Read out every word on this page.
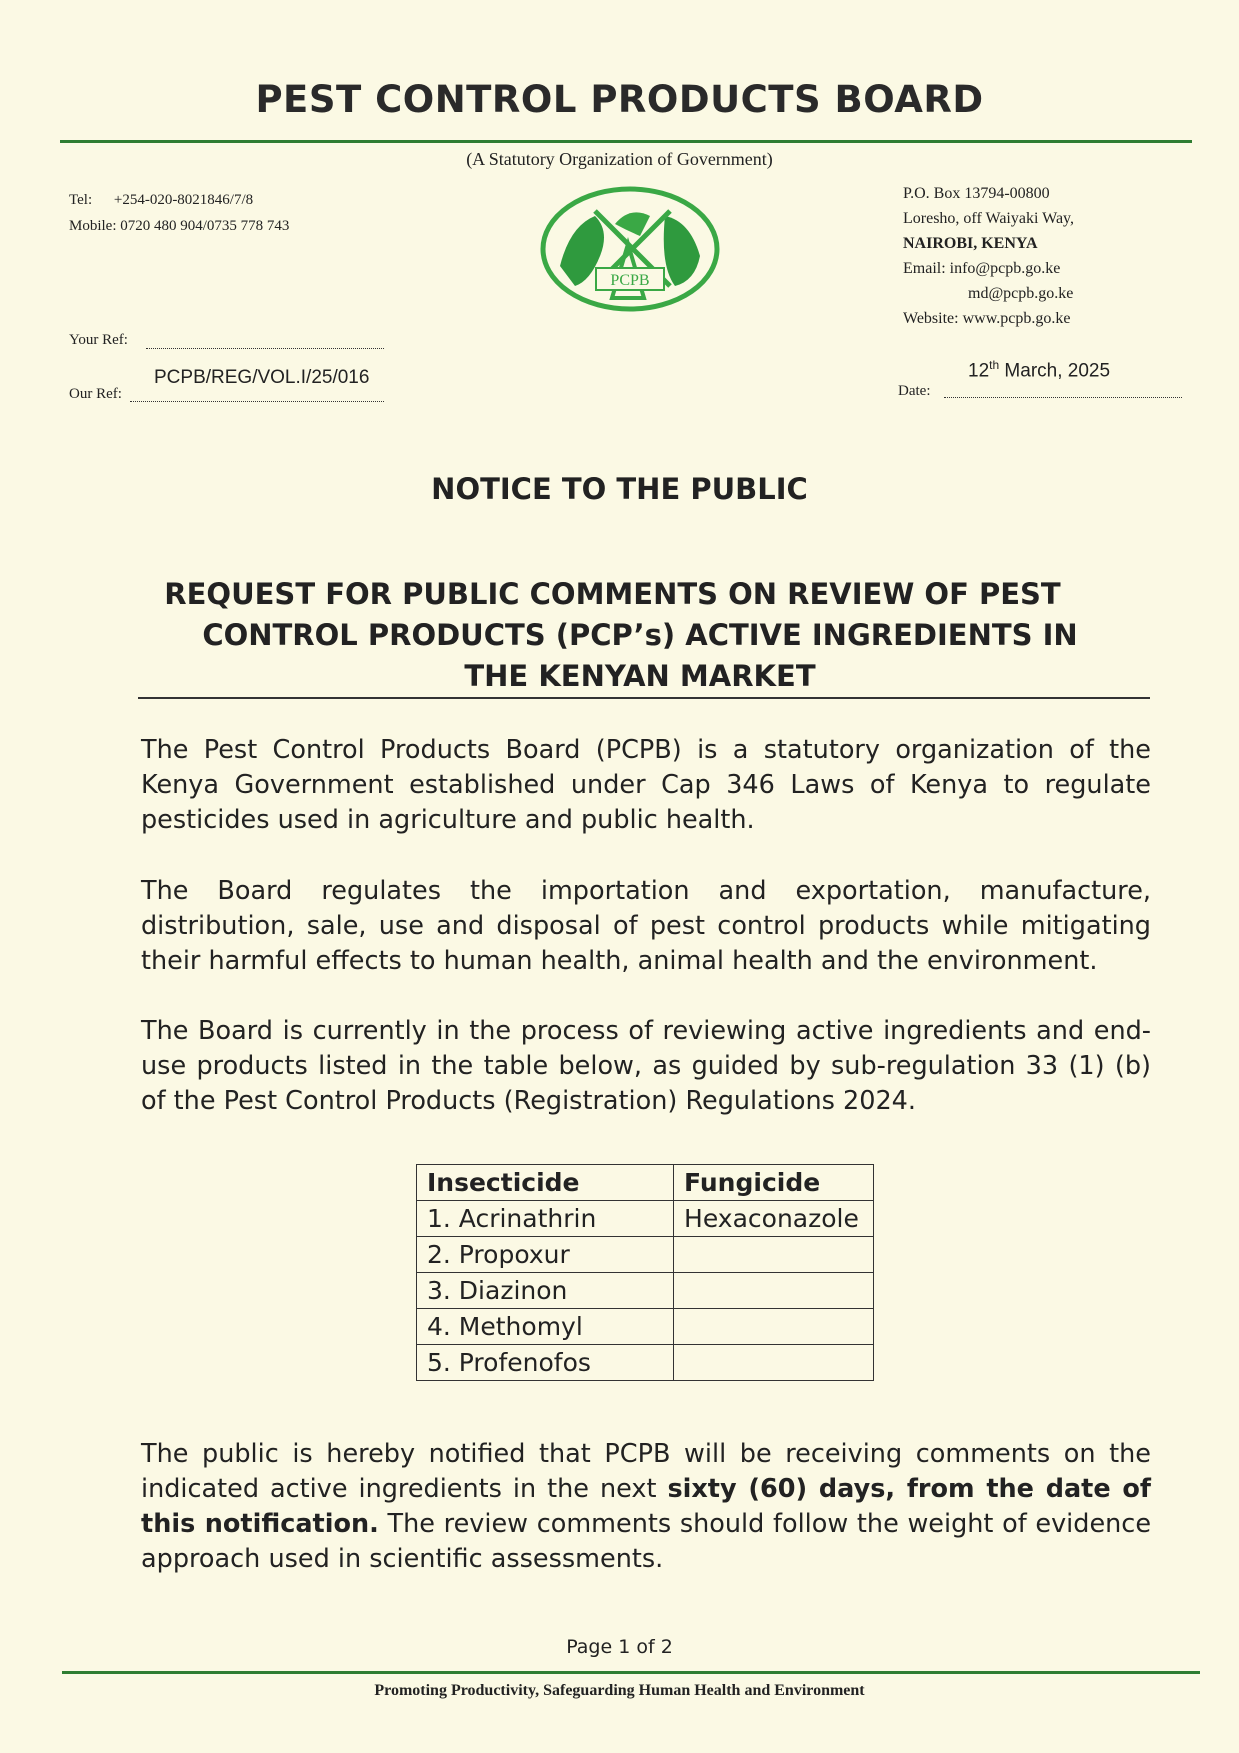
PEST CONTROL PRODUCTS BOARD
(A Statutory Organization of Government)
Tel: +254-020-8021846/7/8
Mobile: 0720 480 904/0735 778 743
PCPB
P.O. Box 13794-00800
Loresho, off Waiyaki Way,
NAIROBI, KENYA
Email: info@pcpb.go.ke
md@pcpb.go.ke
Website: www.pcpb.go.ke
Your Ref:
PCPB/REG/VOL.I/25/016
Our Ref:
12th March, 2025
Date:
NOTICE TO THE PUBLIC
REQUEST FOR PUBLIC COMMENTS ON REVIEW OF PEST
CONTROL PRODUCTS (PCP’s) ACTIVE INGREDIENTS IN
THE KENYAN MARKET
The Pest Control Products Board (PCPB) is a statutory organization of the Kenya Government established under Cap 346 Laws of Kenya to regulate pesticides used in agriculture and public health.
The Board regulates the importation and exportation, manufacture, distribution, sale, use and disposal of pest control products while mitigating their harmful effects to human health, animal health and the environment.
The Board is currently in the process of reviewing active ingredients and end-use products listed in the table below, as guided by sub-regulation 33 (1) (b) of the Pest Control Products (Registration) Regulations 2024.
Insecticide	Fungicide
1. Acrinathrin	Hexaconazole
2. Propoxur	
3. Diazinon	
4. Methomyl	
5. Profenofos	
The public is hereby notified that PCPB will be receiving comments on the indicated active ingredients in the next sixty (60) days, from the date of this notification. The review comments should follow the weight of evidence approach used in scientific assessments.
Page 1 of 2
Promoting Productivity, Safeguarding Human Health and Environment
